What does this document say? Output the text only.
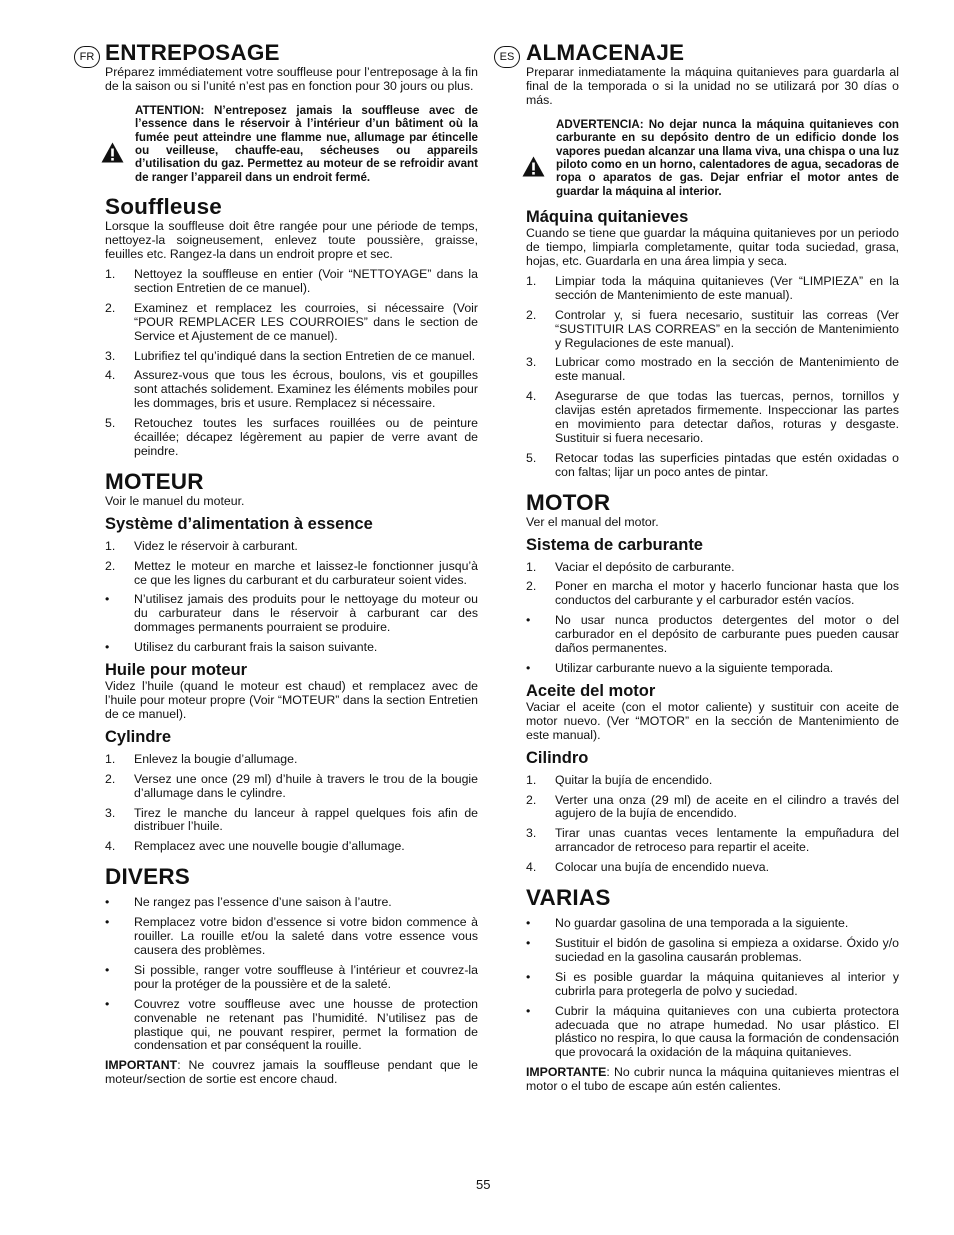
FR	ES
ENTREPOSAGE

Préparez immédiatement votre souffleuse pour l’entreposage à la fin de la saison ou si l’unité n’est pas en fonction pour 30 jours ou plus.

ATTENTION: N’entreposez jamais la souffleuse avec de l’essence dans le réservoir à l’intérieur d’un bâtiment où la fumée peut atteindre une flamme nue, allumage par étincelle ou veilleuse, chauffe-eau, sécheuses ou appareils d’utilisation du gaz. Permettez au moteur de se refroidir avant de ranger l’appareil dans un endroit fermé.

Souffleuse

Lorsque la souffleuse doit être rangée pour une période de temps, nettoyez-la soigneusement, enlevez toute poussière, graisse, feuilles etc. Rangez-la dans un endroit propre et sec.

1. Nettoyez la souffleuse en entier (Voir “NETTOYAGE” dans la section Entretien de ce manuel).
2. Examinez et remplacez les courroies, si nécessaire (Voir “POUR REMPLACER LES COURROIES” dans le section de Service et Ajustement de ce manuel).
3. Lubrifiez tel qu’indiqué dans la section Entretien de ce manuel.
4. Assurez-vous que tous les écrous, boulons, vis et goupilles sont attachés solidement. Examinez les éléments mobiles pour les dommages, bris et usure. Remplacez si nécessaire.
5. Retouchez toutes les surfaces rouillées ou de peinture écaillée; décapez légèrement au papier de verre avant de peindre.
MOTEUR

Voir le manuel du moteur.

Système d’alimentation à essence
1. Videz le réservoir à carburant.
2. Mettez le moteur en marche et laissez-le fonctionner jusqu’à ce que les lignes du carburant et du carburateur soient vides.
• N’utilisez jamais des produits pour le nettoyage du moteur ou du carburateur dans le réservoir à carburant car des dommages permanents pourraient se produire.
• Utilisez du carburant frais la saison suivante.
Huile pour moteur

Videz l’huile (quand le moteur est chaud) et remplacez avec de l’huile pour moteur propre (Voir “MOTEUR” dans la section Entretien de ce manuel).

Cylindre
1. Enlevez la bougie d’allumage.
2. Versez une once (29 ml) d’huile à travers le trou de la bougie d’allumage dans le cylindre.
3. Tirez le manche du lanceur à rappel quelques fois afin de distribuer l’huile.
4. Remplacez avec une nouvelle bougie d’allumage.
DIVERS
• Ne rangez pas l’essence d’une saison à l’autre.
• Remplacez votre bidon d’essence si votre bidon commence à rouiller. La rouille et/ou la saleté dans votre essence vous causera des problèmes.
• Si possible, ranger votre souffleuse à l’intérieur et couvrez-la pour la protéger de la poussière et de la saleté.
• Couvrez votre souffleuse avec une housse de protection convenable ne retenant pas l’humidité. N’utilisez pas de plastique qui, ne pouvant respirer, permet la formation de condensation et par conséquent la rouille.

IMPORTANT: Ne couvrez jamais la souffleuse pendant que le moteur/section de sortie est encore chaud.

ALMACENAJE

Preparar inmediatamente la máquina quitanieves para guardarla al final de la temporada o si la unidad no se utilizará por 30 días o más.

ADVERTENCIA: No dejar nunca la máquina quitanieves con carburante en su depósito dentro de un edificio donde los vapores puedan alcanzar una llama viva, una chispa o una luz piloto como en un horno, calentadores de agua, secadoras de ropa o aparatos de gas. Dejar enfriar el motor antes de guardar la máquina al interior.

Máquina quitanieves

Cuando se tiene que guardar la máquina quitanieves por un periodo de tiempo, limpiarla completamente, quitar toda suciedad, grasa, hojas, etc. Guardarla en una área limpia y seca.

1. Limpiar toda la máquina quitanieves (Ver “LIMPIEZA” en la sección de Mantenimiento de este manual).
2. Controlar y, si fuera necesario, sustituir las correas (Ver “SUSTITUIR LAS CORREAS” en la sección de Mantenimiento y Regulaciones de este manual).
3. Lubricar como mostrado en la sección de Mantenimiento de este manual.
4. Asegurarse de que todas las tuercas, pernos, tornillos y clavijas estén apretados firmemente. Inspeccionar las partes en movimiento para detectar daños, roturas y desgaste. Sustituir si fuera necesario.
5. Retocar todas las superficies pintadas que estén oxidadas o con faltas; lijar un poco antes de pintar.
MOTOR

Ver el manual del motor.

Sistema de carburante
1. Vaciar el depósito de carburante.
2. Poner en marcha el motor y hacerlo funcionar hasta que los conductos del carburante y el carburador estén vacíos.
• No usar nunca productos detergentes del motor o del carburador en el depósito de carburante pues pueden causar daños permanentes.
• Utilizar carburante nuevo a la siguiente temporada.
Aceite del motor

Vaciar el aceite (con el motor caliente) y sustituir con aceite de motor nuevo. (Ver “MOTOR” en la sección de Mantenimiento de este manual).

Cilindro
1. Quitar la bujía de encendido.
2. Verter una onza (29 ml) de aceite en el cilindro a través del agujero de la bujía de encendido.
3. Tirar unas cuantas veces lentamente la empuñadura del arrancador de retroceso para repartir el aceite.
4. Colocar una bujía de encendido nueva.
VARIAS
• No guardar gasolina de una temporada a la siguiente.
• Sustituir el bidón de gasolina si empieza a oxidarse. Óxido y/o suciedad en la gasolina causarán problemas.
• Si es posible guardar la máquina quitanieves al interior y cubrirla para protegerla de polvo y suciedad.
• Cubrir la máquina quitanieves con una cubierta protectora adecuada que no atrape humedad. No usar plástico. El plástico no respira, lo que causa la formación de condensación que provocará la oxidación de la máquina quitanieves.

IMPORTANTE: No cubrir nunca la máquina quitanieves mientras el motor o el tubo de escape aún estén calientes.

55
